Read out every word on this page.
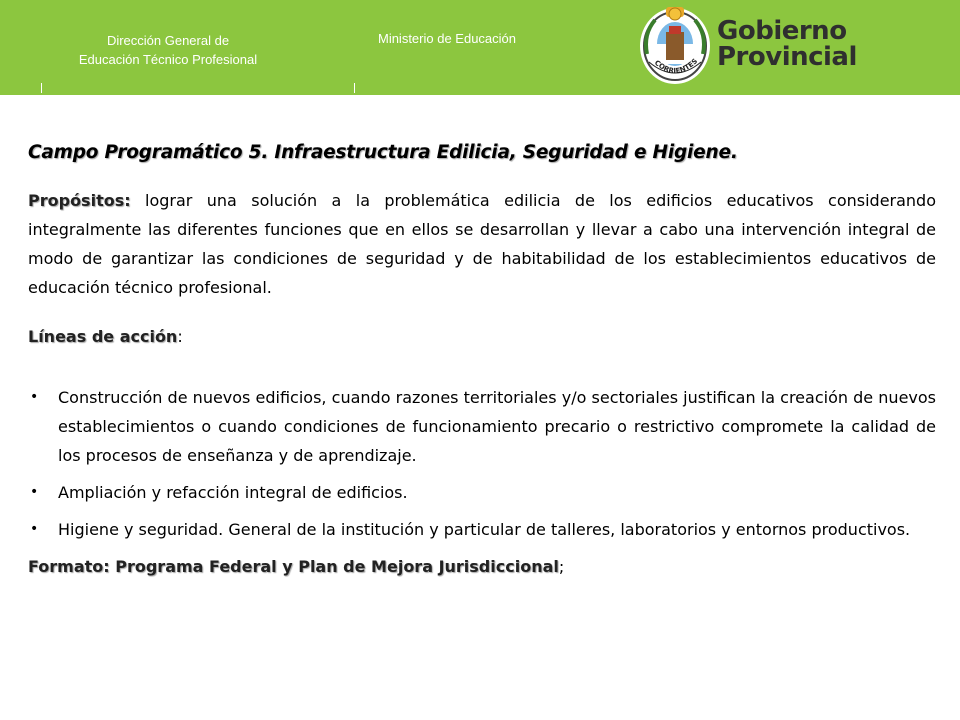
Dirección General de
Educación Técnico Profesional
Ministerio de Educación
CORRIENTES
Gobierno
Provincial
Campo Programático 5. Infraestructura Edilicia, Seguridad e Higiene.
Propósitos: lograr una solución a la problemática edilicia de los edificios educativos considerando integralmente las diferentes funciones que en ellos se desarrollan y llevar a cabo una intervención integral de modo de garantizar las condiciones de seguridad y de habitabilidad de los establecimientos educativos de educación técnico profesional.
Líneas de acción:
• Construcción de nuevos edificios, cuando razones territoriales y/o sectoriales justifican la creación de nuevos establecimientos o cuando condiciones de funcionamiento precario o restrictivo compromete la calidad de los procesos de enseñanza y de aprendizaje.
• Ampliación y refacción integral de edificios.
• Higiene y seguridad. General de la institución y particular de talleres, laboratorios y entornos productivos.
Formato: Programa Federal y Plan de Mejora Jurisdiccional;
